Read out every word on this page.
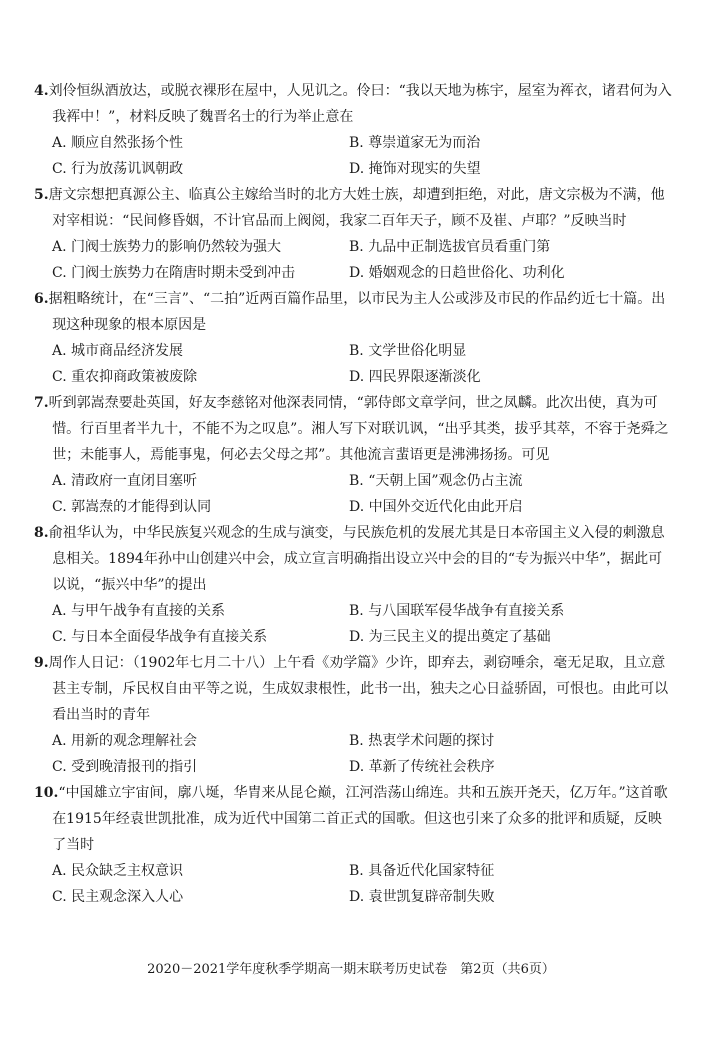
4.刘伶恒纵酒放达，或脱衣裸形在屋中，人见讥之。伶曰：“我以天地为栋宇，屋室为裈衣，诸君何为入我裈中！”，材料反映了魏晋名士的行为举止意在
A. 顺应自然张扬个性	B. 尊崇道家无为而治
C. 行为放荡讥讽朝政	D. 掩饰对现实的失望
5.唐文宗想把真源公主、临真公主嫁给当时的北方大姓士族，却遭到拒绝，对此，唐文宗极为不满，他对宰相说：“民间修昏姻，不计官品而上阀阅，我家二百年天子，顾不及崔、卢耶？”反映当时
A. 门阀士族势力的影响仍然较为强大	B. 九品中正制选拔官员看重门第
C. 门阀士族势力在隋唐时期未受到冲击	D. 婚姻观念的日趋世俗化、功利化
6.据粗略统计，在“三言”、“二拍”近两百篇作品里，以市民为主人公或涉及市民的作品约近七十篇。出现这种现象的根本原因是
A. 城市商品经济发展	B. 文学世俗化明显
C. 重农抑商政策被废除	D. 四民界限逐渐淡化
7.听到郭嵩焘要赴英国，好友李慈铭对他深表同情，“郭侍郎文章学问，世之凤麟。此次出使，真为可惜。行百里者半九十，不能不为之叹息”。湘人写下对联讥讽，“出乎其类，拔乎其萃，不容于尧舜之世；未能事人，焉能事鬼，何必去父母之邦”。其他流言蜚语更是沸沸扬扬。可见
A. 清政府一直闭目塞听	B. “天朝上国”观念仍占主流
C. 郭嵩焘的才能得到认同	D. 中国外交近代化由此开启
8.俞祖华认为，中华民族复兴观念的生成与演变，与民族危机的发展尤其是日本帝国主义入侵的刺激息息相关。1894年孙中山创建兴中会，成立宣言明确指出设立兴中会的目的“专为振兴中华”，据此可以说，“振兴中华”的提出
A. 与甲午战争有直接的关系	B. 与八国联军侵华战争有直接关系
C. 与日本全面侵华战争有直接关系	D. 为三民主义的提出奠定了基础
9.周作人日记：（1902年七月二十八）上午看《劝学篇》少许，即弃去，剥窃唾余，毫无足取，且立意甚主专制，斥民权自由平等之说，生成奴隶根性，此书一出，独夫之心日益骄固，可恨也。由此可以看出当时的青年
A. 用新的观念理解社会	B. 热衷学术问题的探讨
C. 受到晚清报刊的指引	D. 革新了传统社会秩序
10.“中国雄立宇宙间，廓八埏，华胄来从昆仑巅，江河浩荡山绵连。共和五族开尧天，亿万年。”这首歌在1915年经袁世凯批准，成为近代中国第二首正式的国歌。但这也引来了众多的批评和质疑，反映了当时
A. 民众缺乏主权意识	B. 具备近代化国家特征
C. 民主观念深入人心	D. 袁世凯复辟帝制失败
2020－2021学年度秋季学期高一期末联考历史试卷　第2页（共6页）
